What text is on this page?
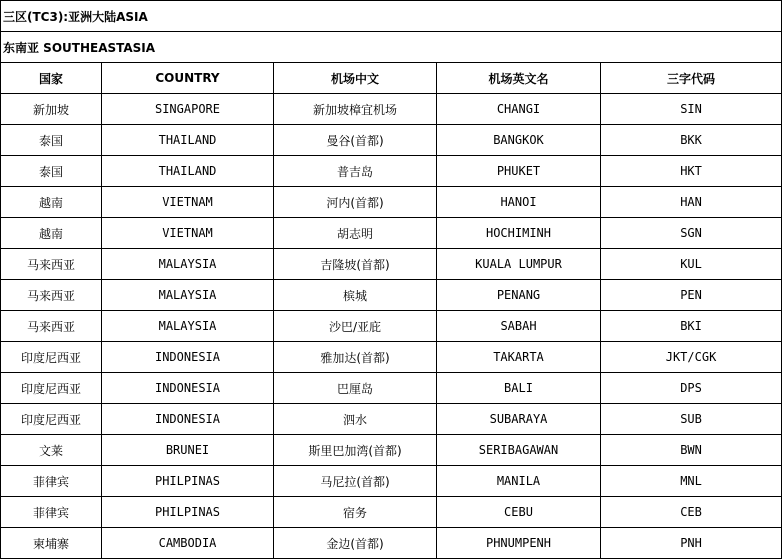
三区(TC3):亚洲大陆ASIA				
东南亚 SOUTHEASTASIA				
国家	COUNTRY	机场中文	机场英文名	三字代码
新加坡	SINGAPORE	新加坡樟宜机场	CHANGI	SIN
泰国	THAILAND	曼谷(首都)	BANGKOK	BKK
泰国	THAILAND	普吉岛	PHUKET	HKT
越南	VIETNAM	河内(首都)	HANOI	HAN
越南	VIETNAM	胡志明	HOCHIMINH	SGN
马来西亚	MALAYSIA	吉隆坡(首都)	KUALA LUMPUR	KUL
马来西亚	MALAYSIA	槟城	PENANG	PEN
马来西亚	MALAYSIA	沙巴/亚庇	SABAH	BKI
印度尼西亚	INDONESIA	雅加达(首都)	TAKARTA	JKT/CGK
印度尼西亚	INDONESIA	巴厘岛	BALI	DPS
印度尼西亚	INDONESIA	泗水	SUBARAYA	SUB
文莱	BRUNEI	斯里巴加湾(首都)	SERIBAGAWAN	BWN
菲律宾	PHILPINAS	马尼拉(首都)	MANILA	MNL
菲律宾	PHILPINAS	宿务	CEBU	CEB
柬埔寨	CAMBODIA	金边(首都)	PHNUMPENH	PNH
